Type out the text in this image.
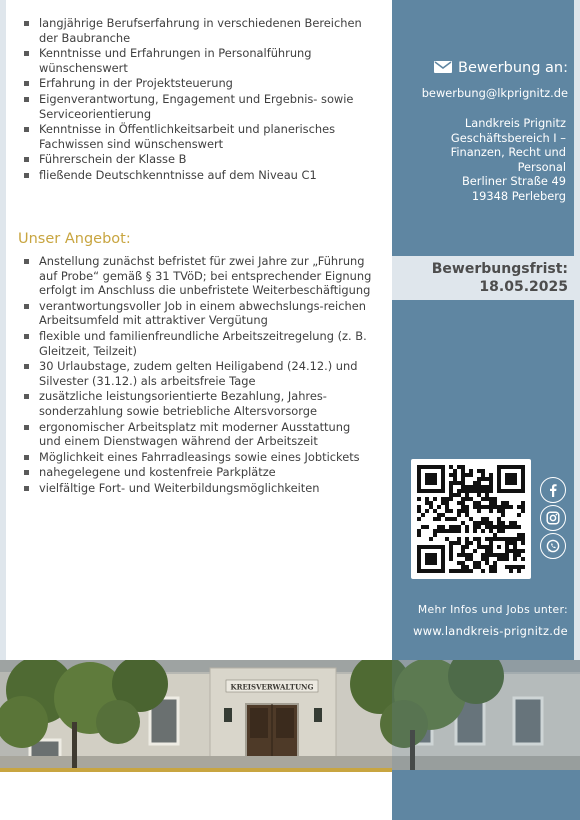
langjährige Berufserfahrung in verschiedenen Bereichen der Baubranche
Kenntnisse und Erfahrungen in Personalführung wünschenswert
Erfahrung in der Projektsteuerung
Eigenverantwortung, Engagement und Ergebnis- sowie Serviceorientierung
Kenntnisse in Öffentlichkeitsarbeit und planerisches Fachwissen sind wünschenswert
Führerschein der Klasse B
fließende Deutschkenntnisse auf dem Niveau C1
Unser Angebot:
Anstellung zunächst befristet für zwei Jahre zur „Führung auf Probe“ gemäß § 31 TVöD; bei entsprechender Eignung erfolgt im Anschluss die unbefristete Weiterbeschäftigung
verantwortungsvoller Job in einem abwechslungs-reichen Arbeitsumfeld mit attraktiver Vergütung
flexible und familienfreundliche Arbeitszeitregelung (z. B. Gleitzeit, Teilzeit)
30 Urlaubstage, zudem gelten Heiligabend (24.12.) und Silvester (31.12.) als arbeitsfreie Tage
zusätzliche leistungsorientierte Bezahlung, Jahres-sonderzahlung sowie betriebliche Altersvorsorge
ergonomischer Arbeitsplatz mit moderner Ausstattung und einem Dienstwagen während der Arbeitszeit
Möglichkeit eines Fahrradleasings sowie eines Jobtickets
nahegelegene und kostenfreie Parkplätze
vielfältige Fort- und Weiterbildungsmöglichkeiten
Bewerbung an:
bewerbung@lkprignitz.de
Landkreis Prignitz
Geschäftsbereich I –
Finanzen, Recht und
Personal
Berliner Straße 49
19348 Perleberg
Bewerbungsfrist:
18.05.2025
Mehr Infos und Jobs unter:
www.landkreis-prignitz.de
KREISVERWALTUNG
